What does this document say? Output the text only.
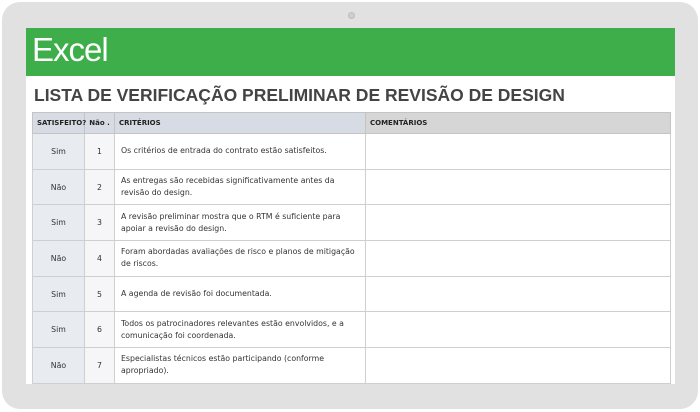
Excel
LISTA DE VERIFICAÇÃO PRELIMINAR DE REVISÃO DE DESIGN
SATISFEITO?	Não .	CRITÉRIOS	COMENTÁRIOS
Sim	1	Os critérios de entrada do contrato estão satisfeitos.	
Não	2	As entregas são recebidas significativamente antes da revisão do design.	
Sim	3	A revisão preliminar mostra que o RTM é suficiente para apoiar a revisão do design.	
Não	4	Foram abordadas avaliações de risco e planos de mitigação de riscos.	
Sim	5	A agenda de revisão foi documentada.	
Sim	6	Todos os patrocinadores relevantes estão envolvidos, e a comunicação foi coordenada.	
Não	7	Especialistas técnicos estão participando (conforme apropriado).	
